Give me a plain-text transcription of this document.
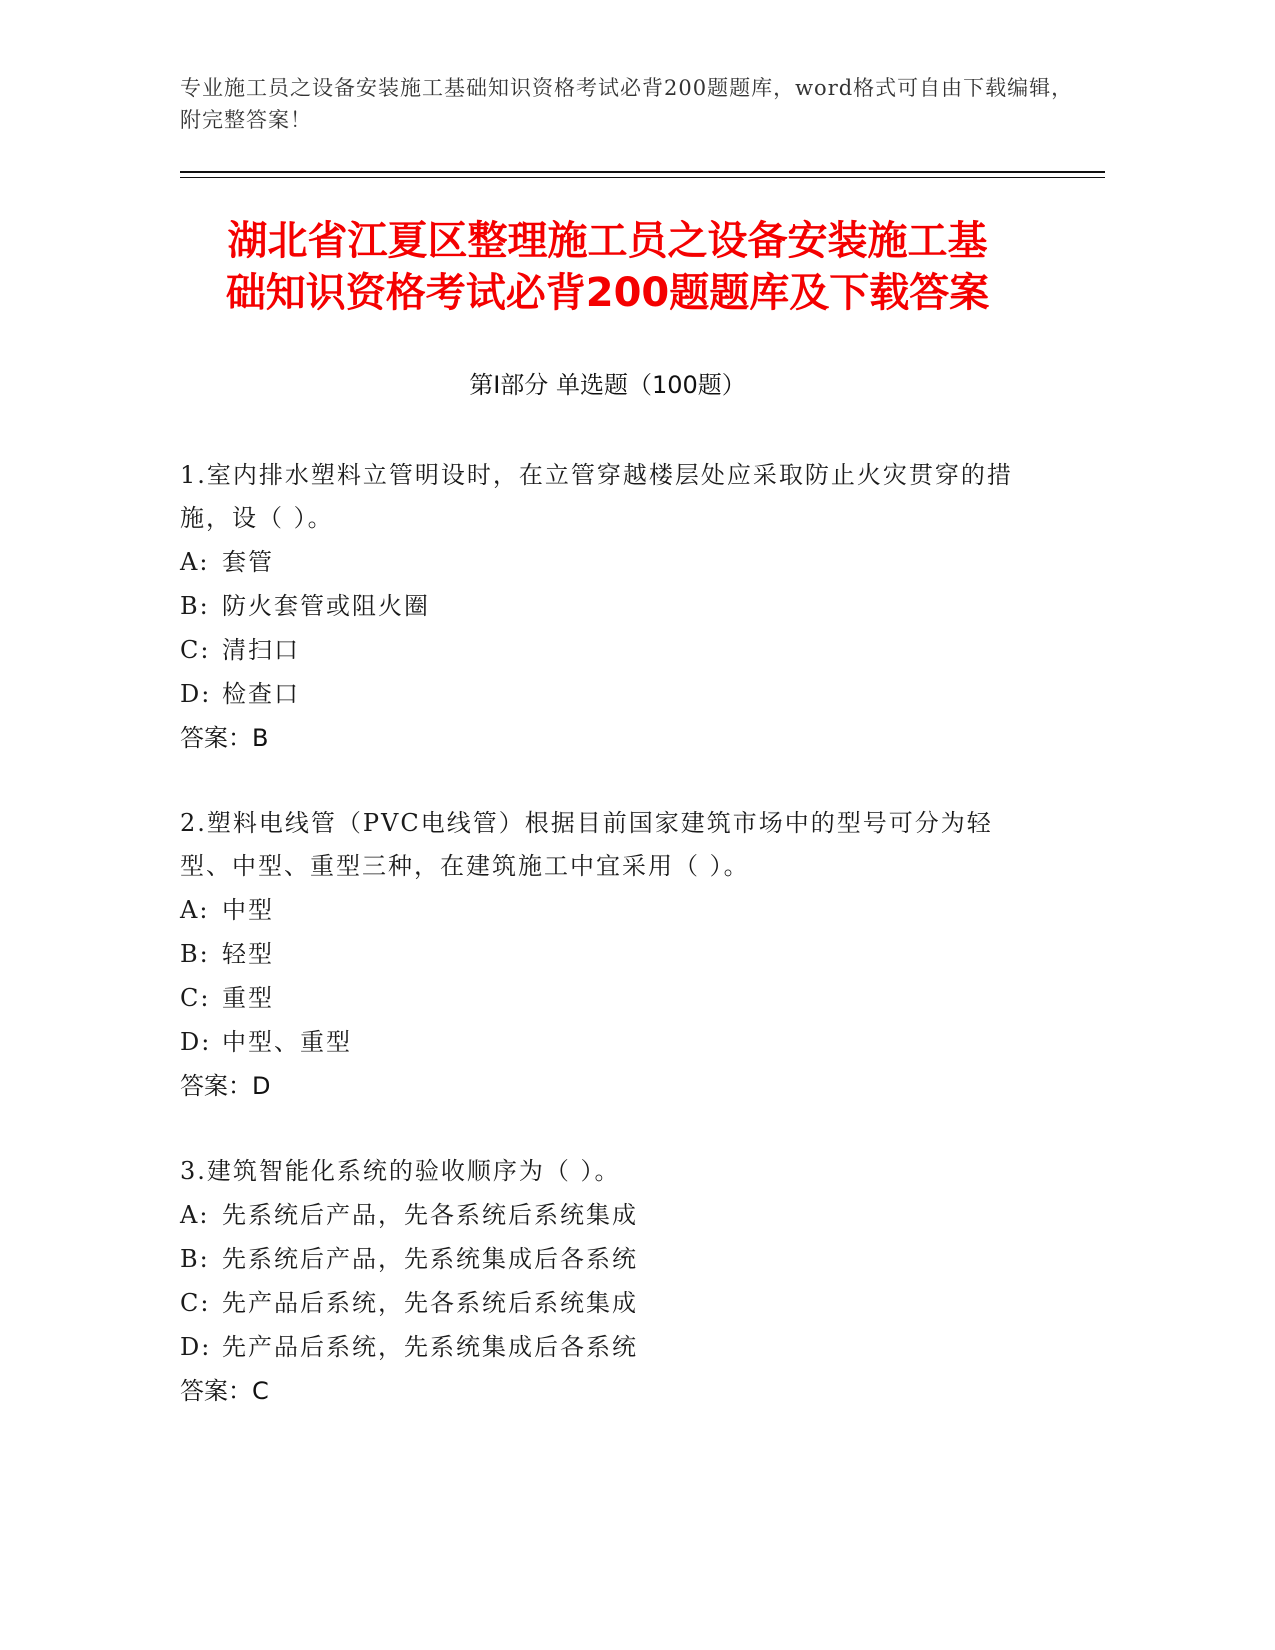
专业施工员之设备安装施工基础知识资格考试必背200题题库，word格式可自由下载编辑，附完整答案！
湖北省江夏区整理施工员之设备安装施工基
础知识资格考试必背200题题库及下载答案
第Ⅰ部分 单选题（100题）
1.室内排水塑料立管明设时，在立管穿越楼层处应采取防止火灾贯穿的措施，设（ ）。
A: 套管
B: 防火套管或阻火圈
C: 清扫口
D: 检查口
答案：B
2.塑料电线管（PVC电线管）根据目前国家建筑市场中的型号可分为轻型、中型、重型三种，在建筑施工中宜采用（ ）。
A: 中型
B: 轻型
C: 重型
D: 中型、重型
答案：D
3.建筑智能化系统的验收顺序为（ ）。
A: 先系统后产品，先各系统后系统集成
B: 先系统后产品，先系统集成后各系统
C: 先产品后系统，先各系统后系统集成
D: 先产品后系统，先系统集成后各系统
答案：C
